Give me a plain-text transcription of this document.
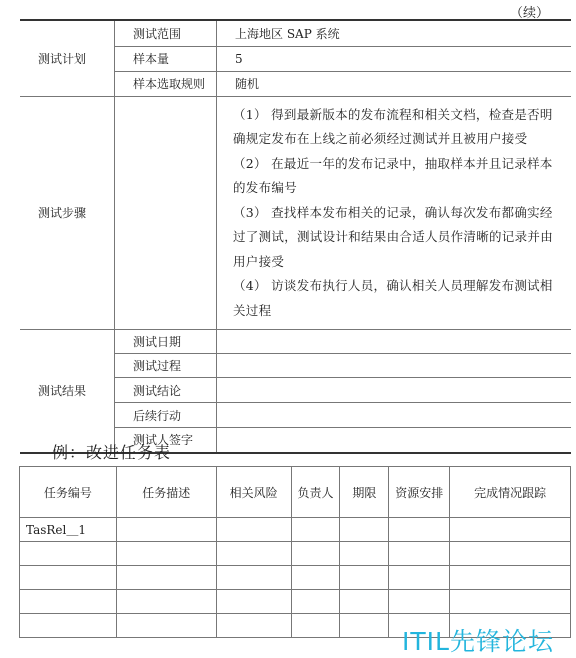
（续）
测试计划	测试范围	上海地区 SAP 系统
	样本量	5
	样本选取规则	随机
测试步骤		（1） 得到最新版本的发布流程和相关文档，检查是否明确规定发布在上线之前必须经过测试并且被用户接受
（2） 在最近一年的发布记录中，抽取样本并且记录样本的发布编号
（3） 查找样本发布相关的记录，确认每次发布都确实经过了测试，测试设计和结果由合适人员作清晰的记录并由用户接受
（4） 访谈发布执行人员，确认相关人员理解发布测试相关过程

测试结果	测试日期	
	测试过程	
	测试结论	
	后续行动	
	测试人签字	
例：改进任务表
任务编号	任务描述	相关风险	负责人	期限	资源安排	完成情况跟踪
TasRel＿1						

ITIL先锋论坛
